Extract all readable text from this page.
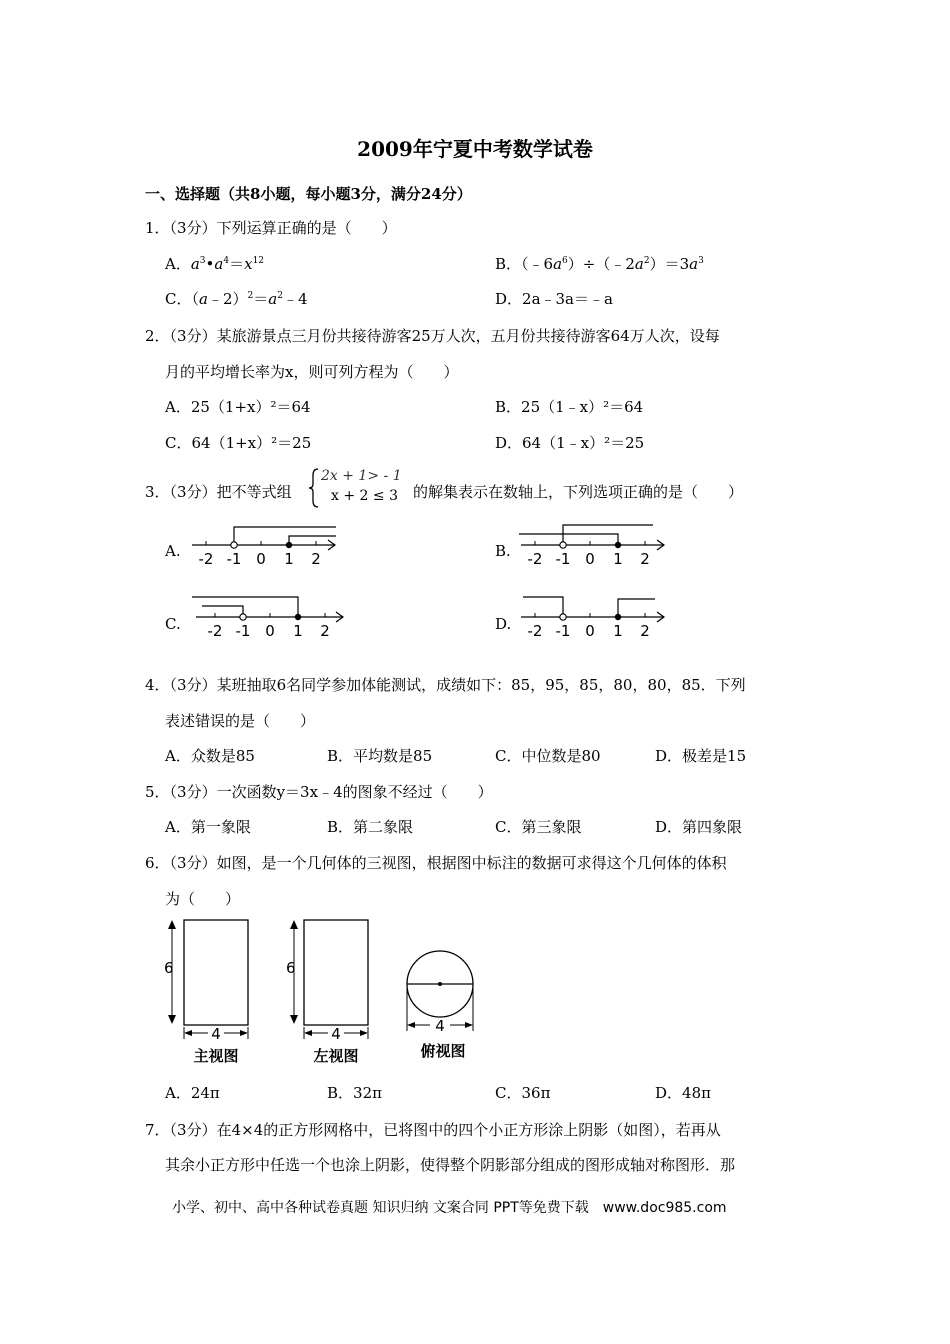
2009年宁夏中考数学试卷
一、选择题（共8小题，每小题3分，满分24分）
1．（3分）下列运算正确的是（　　）
A．$a^3•a^4=x^{12}$	B．$(﹣6a^6)\div(﹣2a^2)=3a^3$
C．$(a﹣2)^2=a^2﹣4$	D．2a﹣3a＝﹣a
2．（3分）某旅游景点三月份共接待游客25万人次，五月份共接待游客64万人次，设每
月的平均增长率为x，则可列方程为（　　）
A．25（1+x）²＝64	B．25（1﹣x）²＝64
C．64（1+x）²＝25	D．64（1﹣x）²＝25
3．（3分）把不等式组
2x + 1> - 1
x + 2 ≤ 3 的解集表示在数轴上，下列选项正确的是（　　）
A. -2 -1 0 1 2	B. -2 -1 0 1 2
C. -2 -1 0 1 2	D. -2 -1 0 1 2
4．（3分）某班抽取6名同学参加体能测试，成绩如下：85，95，85，80，80，85．下列
表述错误的是（　　）
A．众数是85	B．平均数是85	C．中位数是80	D．极差是15
5．（3分）一次函数y＝3x﹣4的图象不经过（　　）
A．第一象限	B．第二象限	C．第三象限	D．第四象限
6．（3分）如图，是一个几何体的三视图，根据图中标注的数据可求得这个几何体的体积
为（　　）
6
4
主视图
6
4
左视图
4
俯视图
A．24π	B．32π	C．36π	D．48π
7．（3分）在4×4的正方形网格中，已将图中的四个小正方形涂上阴影（如图），若再从
其余小正方形中任选一个也涂上阴影，使得整个阴影部分组成的图形成轴对称图形．那
小学、初中、高中各种试卷真题 知识归纳 文案合同 PPT等免费下载　www.doc985.com
